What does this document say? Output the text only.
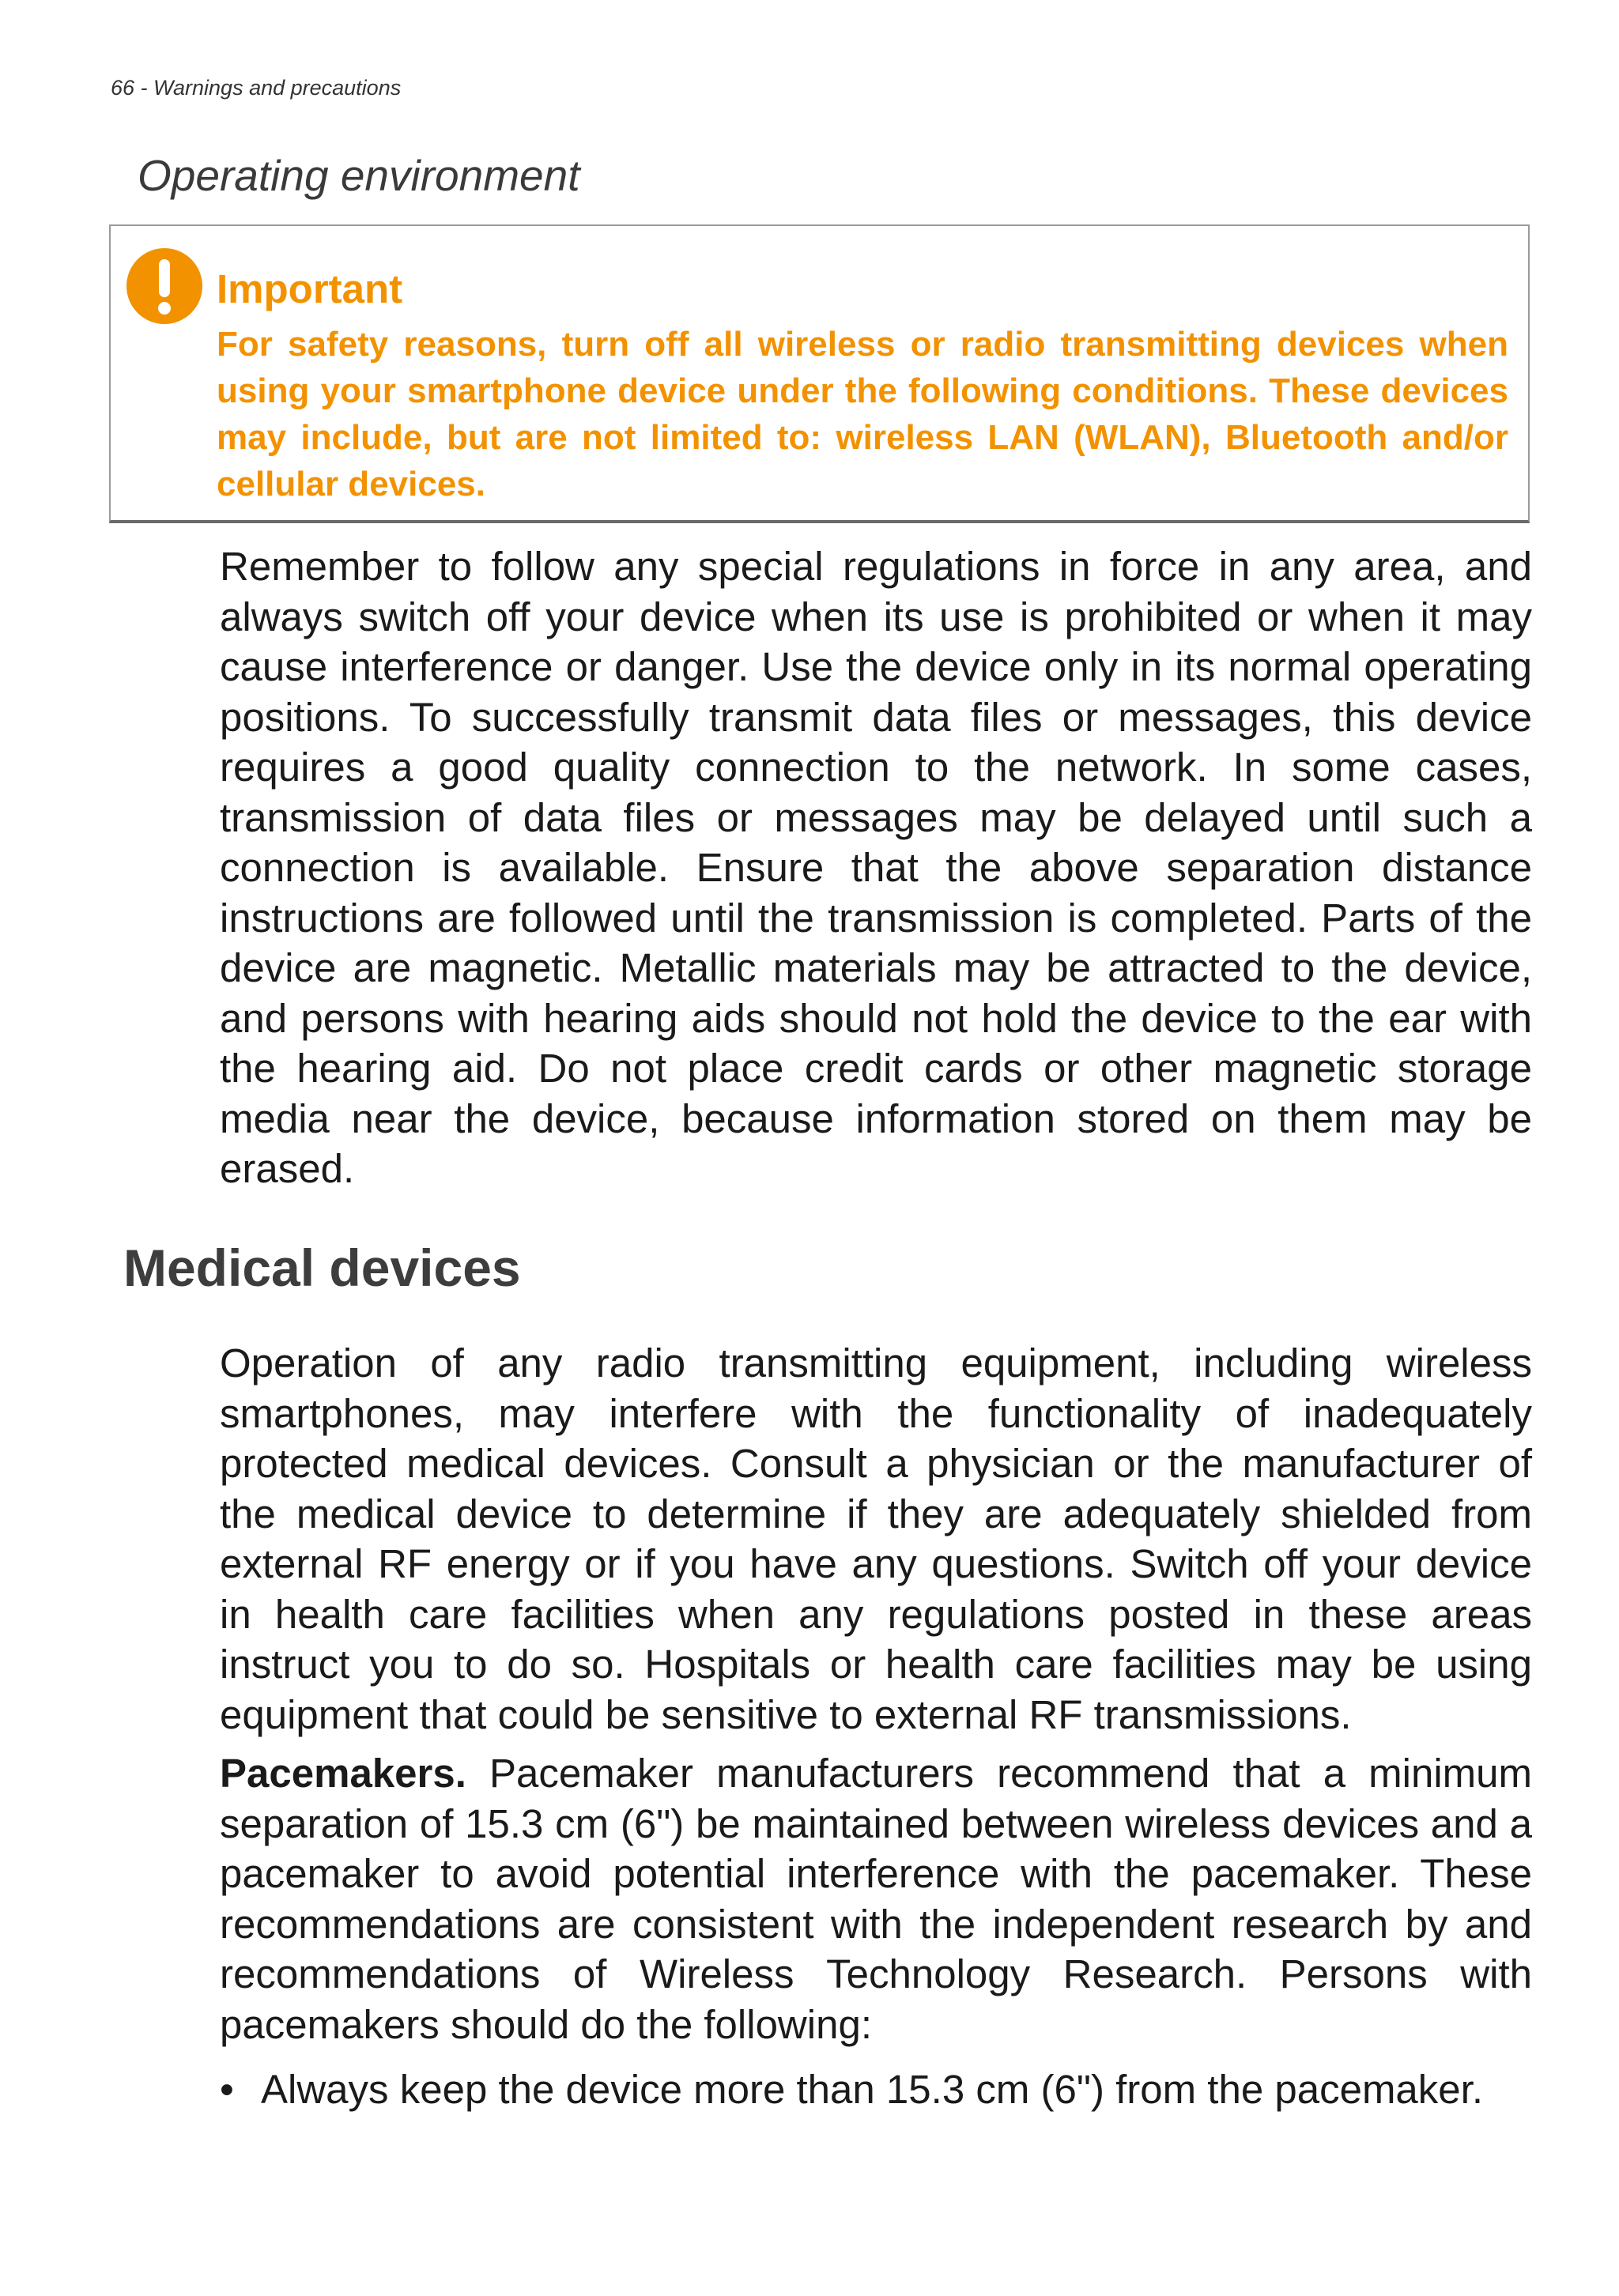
66 - Warnings and precautions
Operating environment

Important

For safety reasons, turn off all wireless or radio transmitting devices when using your smartphone device under the following conditions. These devices may include, but are not limited to: wireless LAN (WLAN), Bluetooth and/or cellular devices.

Remember to follow any special regulations in force in any area, and always switch off your device when its use is prohibited or when it may cause interference or danger. Use the device only in its normal operating positions. To successfully transmit data files or messages, this device requires a good quality connection to the network. In some cases, transmission of data files or messages may be delayed until such a connection is available. Ensure that the above separation distance instructions are followed until the transmission is completed. Parts of the device are magnetic. Metallic materials may be attracted to the device, and persons with hearing aids should not hold the device to the ear with the hearing aid. Do not place credit cards or other magnetic storage media near the device, because information stored on them may be erased.

Medical devices

Operation of any radio transmitting equipment, including wireless smartphones, may interfere with the functionality of inadequately protected medical devices. Consult a physician or the manufacturer of the medical device to determine if they are adequately shielded from external RF energy or if you have any questions. Switch off your device in health care facilities when any regulations posted in these areas instruct you to do so. Hospitals or health care facilities may be using equipment that could be sensitive to external RF transmissions.

Pacemakers. Pacemaker manufacturers recommend that a minimum separation of 15.3 cm (6") be maintained between wireless devices and a pacemaker to avoid potential interference with the pacemaker. These recommendations are consistent with the independent research by and recommendations of Wireless Technology Research. Persons with pacemakers should do the following:

• Always keep the device more than 15.3 cm (6") from the pacemaker.
